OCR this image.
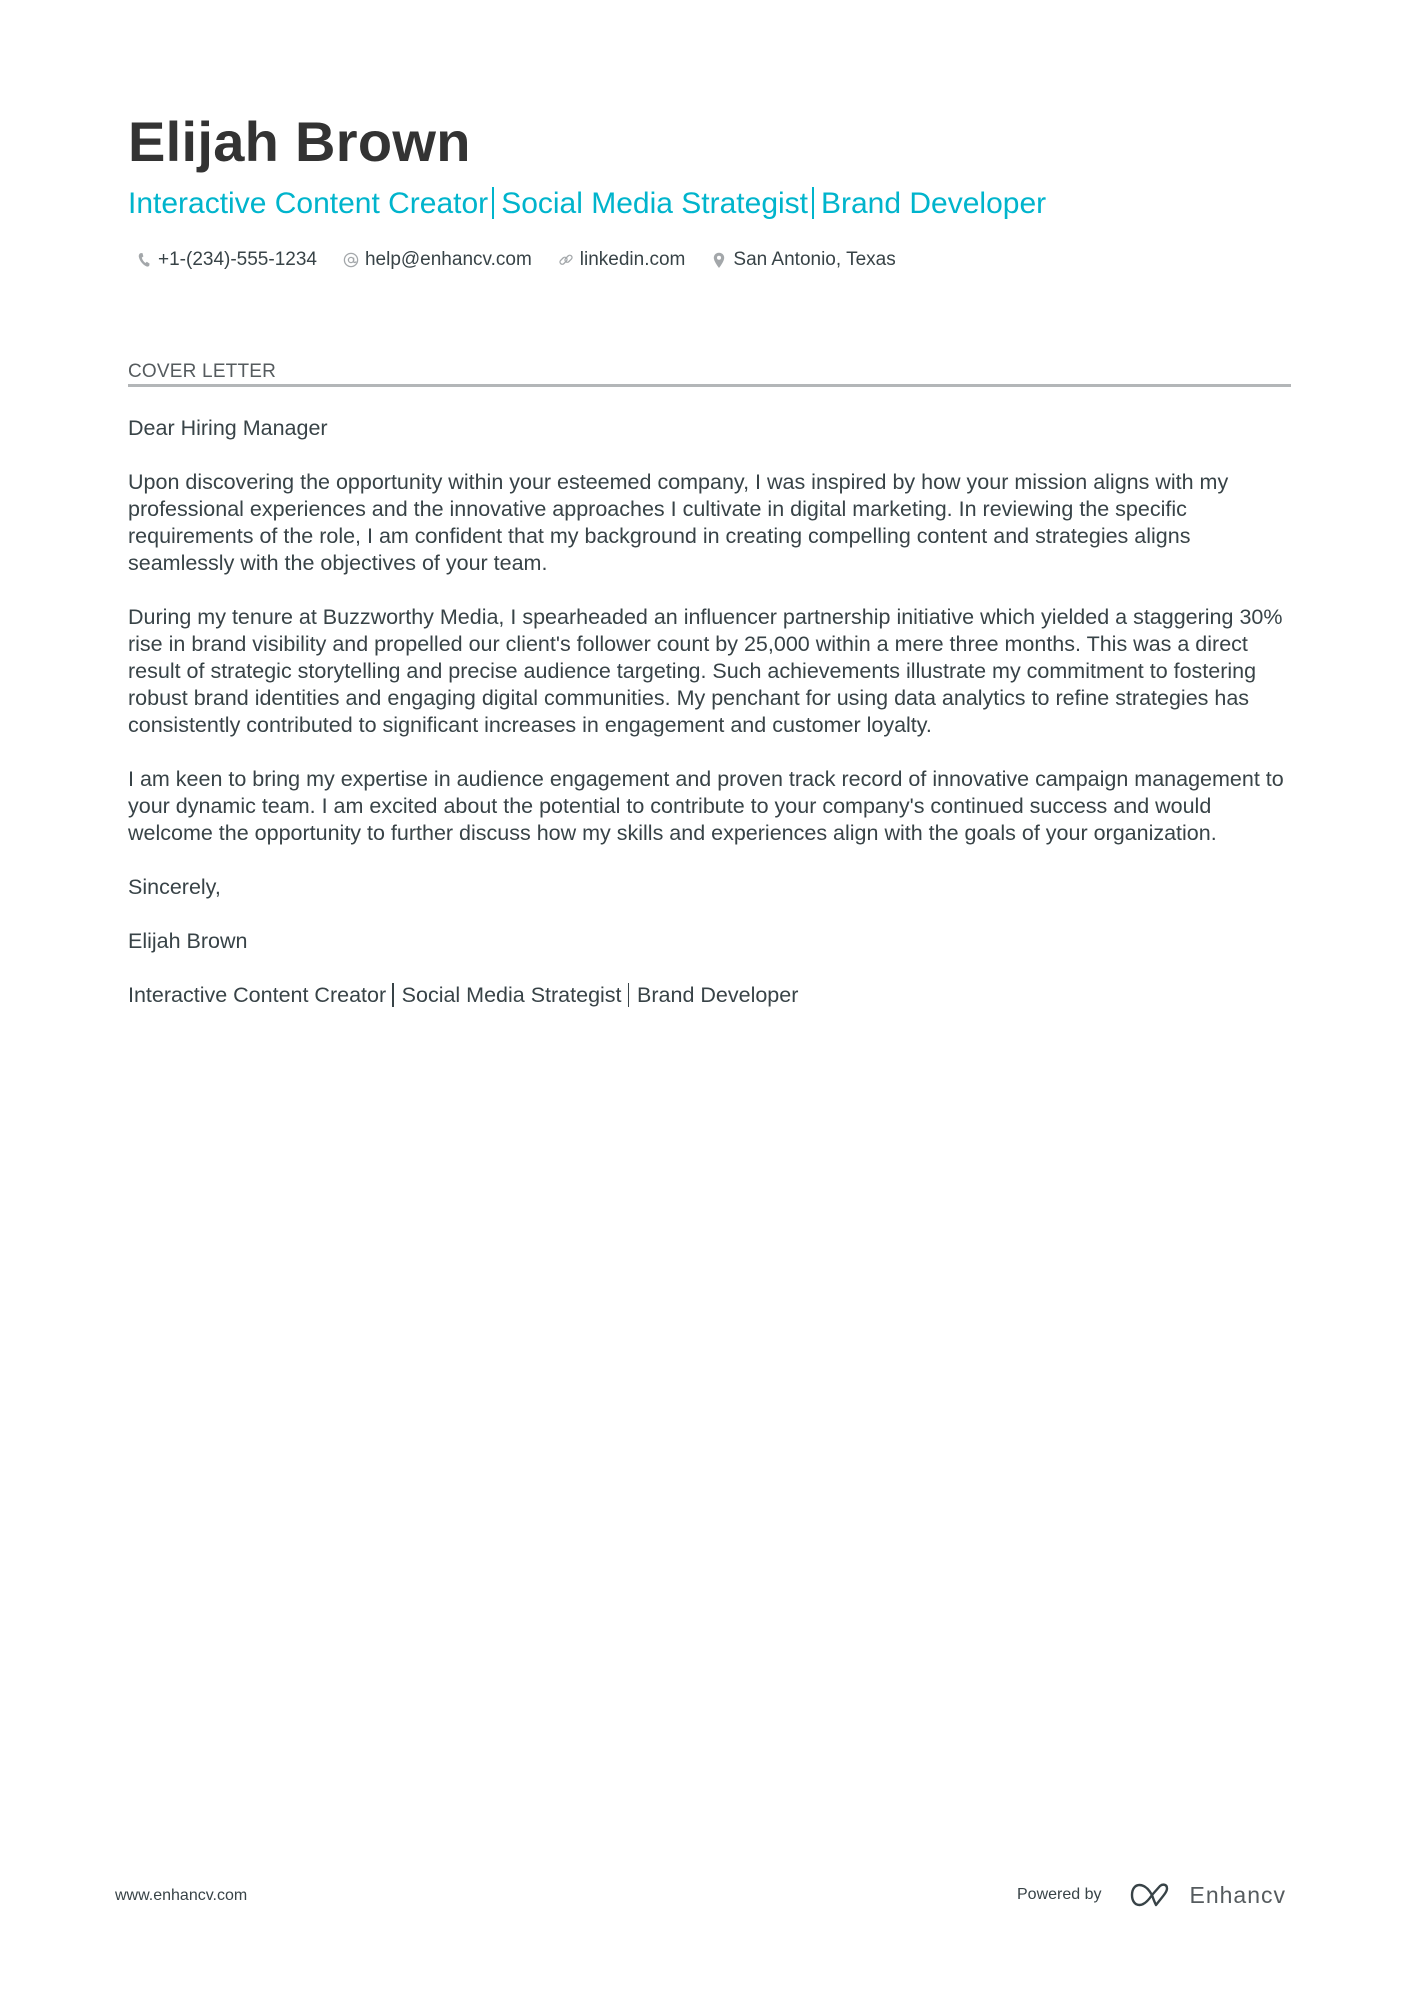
Elijah Brown
Interactive Content Creator Social Media Strategist Brand Developer
+1-(234)-555-1234	help@enhancv.com	linkedin.com	San Antonio, Texas
COVER LETTER

Dear Hiring Manager

Upon discovering the opportunity within your esteemed company, I was inspired by how your mission aligns with my professional experiences and the innovative approaches I cultivate in digital marketing. In reviewing the specific requirements of the role, I am confident that my background in creating compelling content and strategies aligns seamlessly with the objectives of your team.

During my tenure at Buzzworthy Media, I spearheaded an influencer partnership initiative which yielded a staggering 30% rise in brand visibility and propelled our client's follower count by 25,000 within a mere three months. This was a direct result of strategic storytelling and precise audience targeting. Such achievements illustrate my commitment to fostering robust brand identities and engaging digital communities. My penchant for using data analytics to refine strategies has consistently contributed to significant increases in engagement and customer loyalty.

I am keen to bring my expertise in audience engagement and proven track record of innovative campaign management to your dynamic team. I am excited about the potential to contribute to your company's continued success and would welcome the opportunity to further discuss how my skills and experiences align with the goals of your organization.

Sincerely,

Elijah Brown

Interactive Content Creator Social Media Strategist Brand Developer

www.enhancv.com	Powered by	Enhancv
